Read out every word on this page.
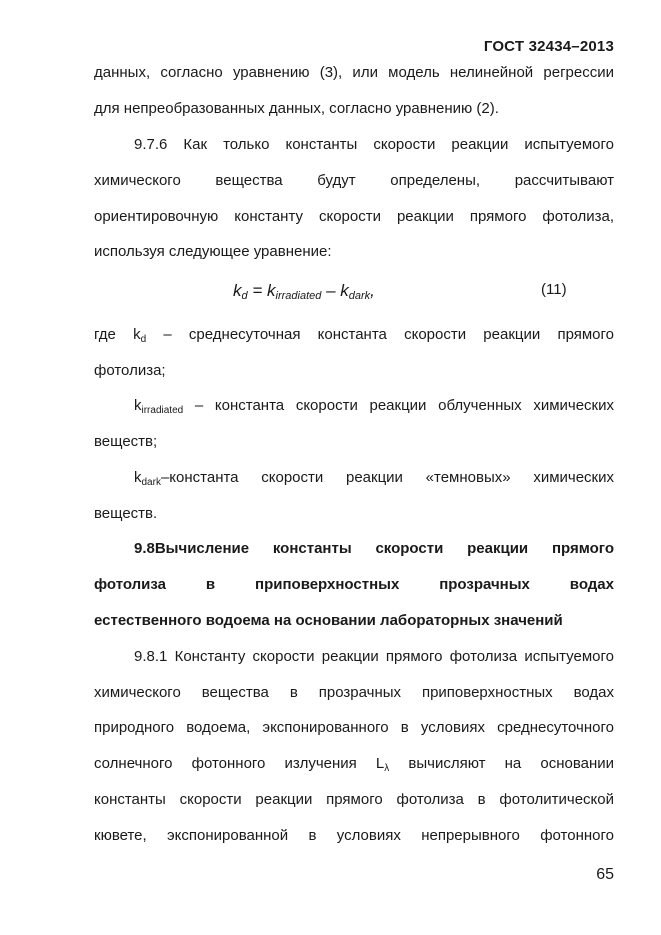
ГОСТ 32434–2013
данных, согласно уравнению (3), или модель нелинейной регрессии
для непреобразованных данных, согласно уравнению (2).
9.7.6 Как только константы скорости реакции испытуемого
химического вещества будут определены, рассчитывают
ориентировочную константу скорости реакции прямого фотолиза,
используя следующее уравнение:
kd = kirradiated – kdark,	(11)
где $k_d$ – среднесуточная константа скорости реакции прямого
фотолиза;
$k_{irradiated}$ – константа скорости реакции облученных химических
веществ;
$k_{dark}$–константа скорости реакции «темновых» химических
веществ.
9.8Вычисление константы скорости реакции прямого
фотолиза в приповерхностных прозрачных водах
естественного водоема на основании лабораторных значений
9.8.1 Константу скорости реакции прямого фотолиза испытуемого
химического вещества в прозрачных приповерхностных водах
природного водоема, экспонированного в условиях среднесуточного
солнечного фотонного излучения $L_\lambda$ вычисляют на основании
константы скорости реакции прямого фотолиза в фотолитической
кювете, экспонированной в условиях непрерывного фотонного
65
